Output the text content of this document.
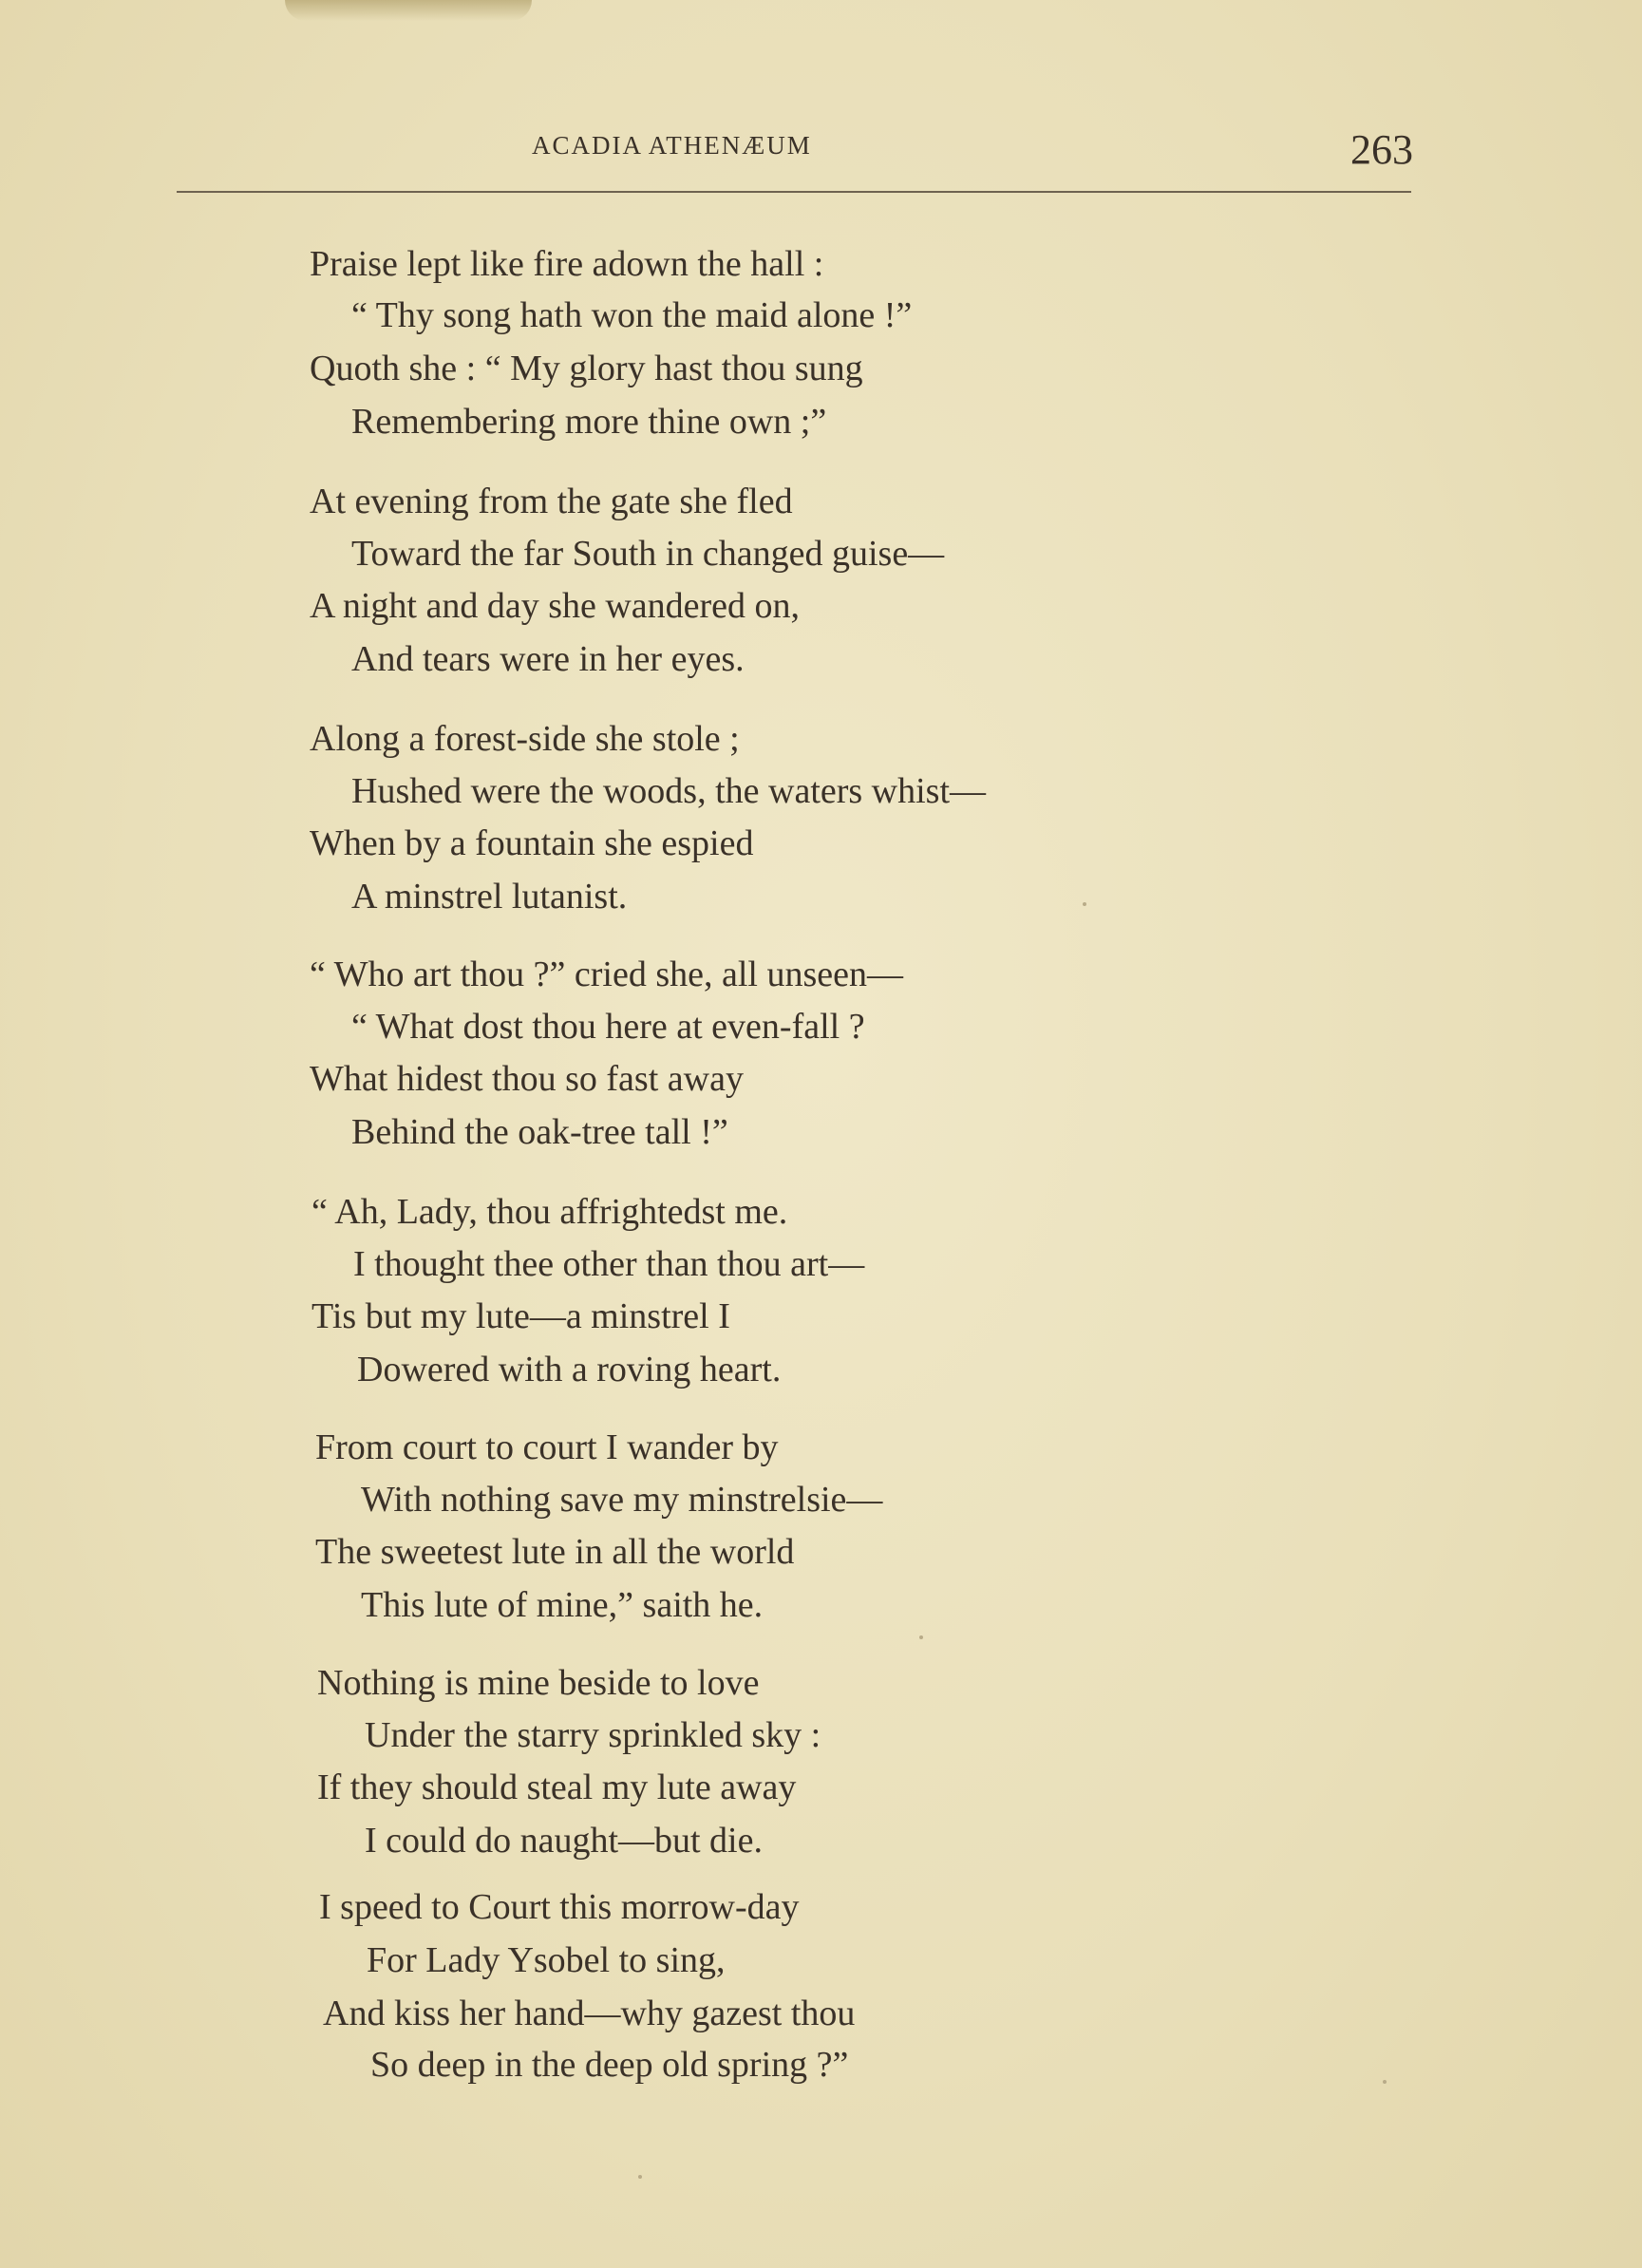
ACADIA ATHENÆUM	263
Praise lept like fire adown the hall :
“ Thy song hath won the maid alone !”
Quoth she : “ My glory hast thou sung
Remembering more thine own ;”
At evening from the gate she fled
Toward the far South in changed guise—
A night and day she wandered on,
And tears were in her eyes.
Along a forest-side she stole ;
Hushed were the woods, the waters whist—
When by a fountain she espied
A minstrel lutanist.
“ Who art thou ?” cried she, all unseen—
“ What dost thou here at even-fall ?
What hidest thou so fast away
Behind the oak-tree tall !”
“ Ah, Lady, thou affrightedst me.
I thought thee other than thou art—
Tis but my lute—a minstrel I
Dowered with a roving heart.
From court to court I wander by
With nothing save my minstrelsie—
The sweetest lute in all the world
This lute of mine,” saith he.
Nothing is mine beside to love
Under the starry sprinkled sky :
If they should steal my lute away
I could do naught—but die.
I speed to Court this morrow-day
For Lady Ysobel to sing,
And kiss her hand—why gazest thou
So deep in the deep old spring ?”
